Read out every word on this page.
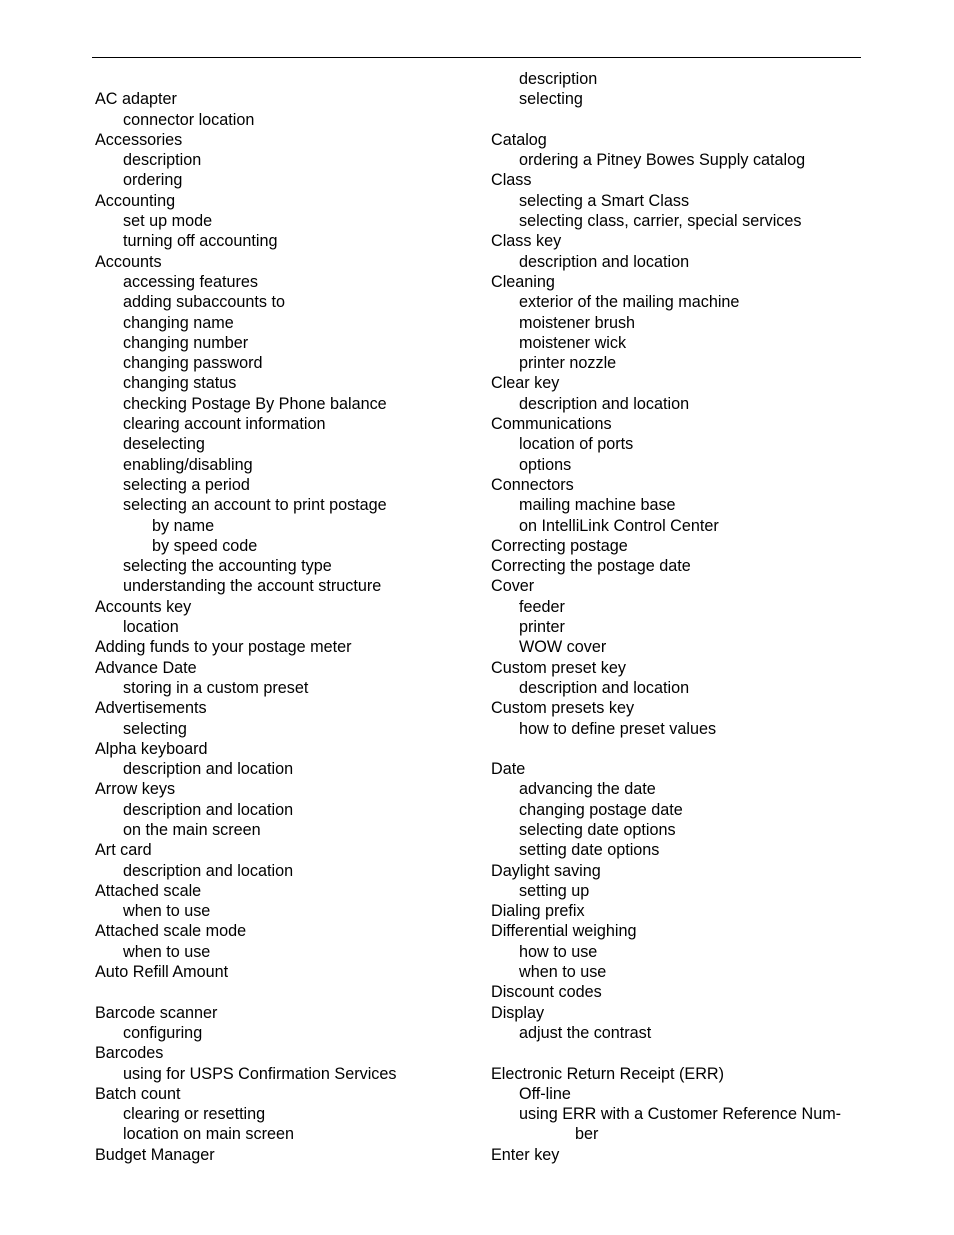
AC adapter
connector location
Accessories
description
ordering
Accounting
set up mode
turning off accounting
Accounts
accessing features
adding subaccounts to
changing name
changing number
changing password
changing status
checking Postage By Phone balance
clearing account information
deselecting
enabling/disabling
selecting a period
selecting an account to print postage
by name
by speed code
selecting the accounting type
understanding the account structure
Accounts key
location
Adding funds to your postage meter
Advance Date
storing in a custom preset
Advertisements
selecting
Alpha keyboard
description and location
Arrow keys
description and location
on the main screen
Art card
description and location
Attached scale
when to use
Attached scale mode
when to use
Auto Refill Amount
Barcode scanner
configuring
Barcodes
using for USPS Confirmation Services
Batch count
clearing or resetting
location on main screen
Budget Manager
description
selecting
Catalog
ordering a Pitney Bowes Supply catalog
Class
selecting a Smart Class
selecting class, carrier, special services
Class key
description and location
Cleaning
exterior of the mailing machine
moistener brush
moistener wick
printer nozzle
Clear key
description and location
Communications
location of ports
options
Connectors
mailing machine base
on IntelliLink Control Center
Correcting postage
Correcting the postage date
Cover
feeder
printer
WOW cover
Custom preset key
description and location
Custom presets key
how to define preset values
Date
advancing the date
changing postage date
selecting date options
setting date options
Daylight saving
setting up
Dialing prefix
Differential weighing
how to use
when to use
Discount codes
Display
adjust the contrast
Electronic Return Receipt (ERR)
Off-line
using ERR with a Customer Reference Num-
ber
Enter key
